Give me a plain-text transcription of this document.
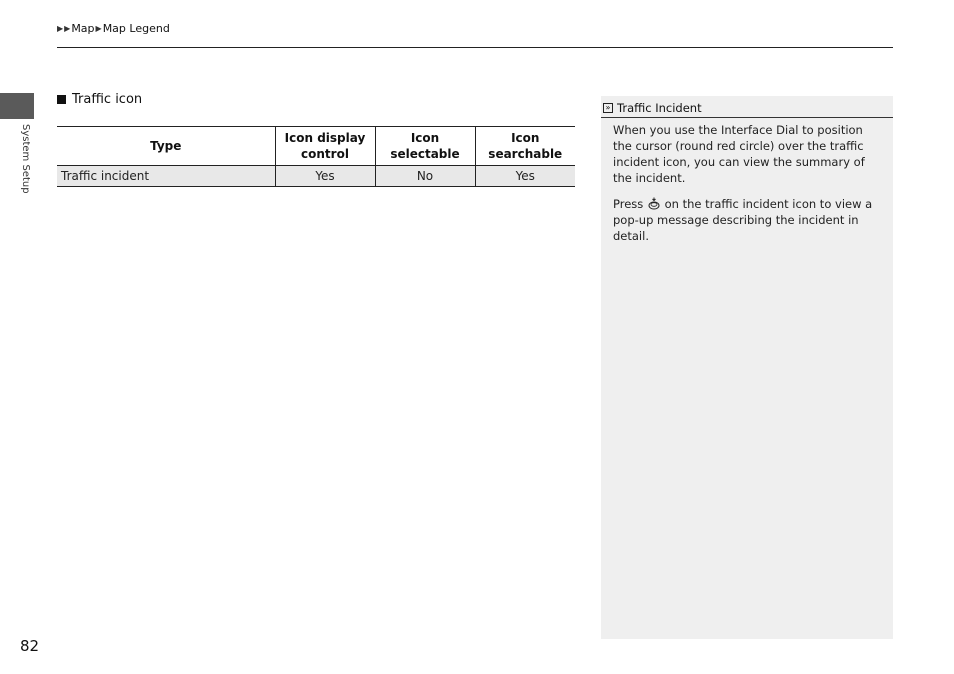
▶ ▶ Map ▶ Map Legend
System Setup
Traffic icon
Type	Icon display control	Icon selectable	Icon searchable
Traffic incident	Yes	No	Yes
» Traffic Incident

When you use the Interface Dial to position the cursor (round red circle) over the traffic incident icon, you can view the summary of the incident.

Press on the traffic incident icon to view a pop-up message describing the incident in detail.

82
